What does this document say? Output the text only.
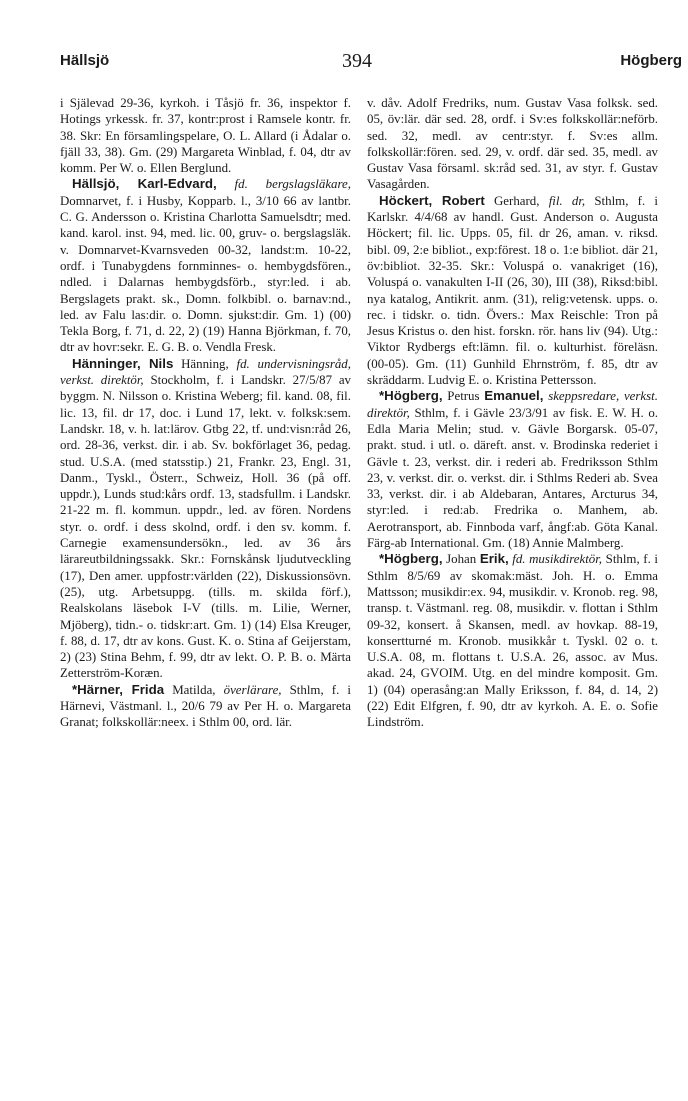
Hällsjö	394	Högberg

i Själevad 29-36, kyrkoh. i Tåsjö fr. 36, inspektor f. Hotings yrkessk. fr. 37, kontr:prost i Ramsele kontr. fr. 38. Skr: En församlingspelare, O. L. Allard (i Ådalar o. fjäll 33, 38). Gm. (29) Margareta Winblad, f. 04, dtr av komm. Per W. o. Ellen Berglund.

Hällsjö, Karl-Edvard, fd. bergslagsläkare, Domnarvet, f. i Husby, Kopparb. l., 3/10 66 av lantbr. C. G. Andersson o. Kristina Charlotta Samuelsdtr; med. kand. karol. inst. 94, med. lic. 00, gruv- o. bergslagsläk. v. Domnarvet-Kvarnsveden 00-32, landst:m. 10-22, ordf. i Tunabygdens fornminnes- o. hembygdsfören., ndled. i Dalarnas hembygdsförb., styr:led. i ab. Bergslagets prakt. sk., Domn. folkbibl. o. barnav:nd., led. av Falu las:dir. o. Domn. sjukst:dir. Gm. 1) (00) Tekla Borg, f. 71, d. 22, 2) (19) Hanna Björkman, f. 70, dtr av hovr:sekr. E. G. B. o. Vendla Fresk.

Hänninger, Nils Hänning, fd. undervisningsråd, verkst. direktör, Stockholm, f. i Landskr. 27/5/87 av byggm. N. Nilsson o. Kristina Weberg; fil. kand. 08, fil. lic. 13, fil. dr 17, doc. i Lund 17, lekt. v. folksk:sem. Landskr. 18, v. h. lat:lärov. Gtbg 22, tf. und:visn:råd 26, ord. 28-36, verkst. dir. i ab. Sv. bokförlaget 36, pedag. stud. U.S.A. (med statsstip.) 21, Frankr. 23, Engl. 31, Danm., Tyskl., Österr., Schweiz, Holl. 36 (på off. uppdr.), Lunds stud:kårs ordf. 13, stadsfullm. i Landskr. 21-22 m. fl. kommun. uppdr., led. av fören. Nordens styr. o. ordf. i dess skolnd, ordf. i den sv. komm. f. Carnegie examensundersökn., led. av 36 års lärareutbildningssakk. Skr.: Fornskånsk ljudutveckling (17), Den amer. uppfostr:världen (22), Diskussionsövn. (25), utg. Arbetsuppg. (tills. m. skilda förf.), Realskolans läsebok I-V (tills. m. Lilie, Werner, Mjöberg), tidn.- o. tidskr:art. Gm. 1) (14) Elsa Kreuger, f. 88, d. 17, dtr av kons. Gust. K. o. Stina af Geijerstam, 2) (23) Stina Behm, f. 99, dtr av lekt. O. P. B. o. Märta Zetterström-Koræn.

*Härner, Frida Matilda, överlärare, Sthlm, f. i Härnevi, Västmanl. l., 20/6 79 av Per H. o. Margareta Granat; folkskollär:neex. i Sthlm 00, ord. lär.

v. dåv. Adolf Fredriks, num. Gustav Vasa folksk. sed. 05, öv:lär. där sed. 28, ordf. i Sv:es folkskollär:neförb. sed. 32, medl. av centr:styr. f. Sv:es allm. folkskollär:fören. sed. 29, v. ordf. där sed. 35, medl. av Gustav Vasa församl. sk:råd sed. 31, av styr. f. Gustav Vasagården.

Höckert, Robert Gerhard, fil. dr, Sthlm, f. i Karlskr. 4/4/68 av handl. Gust. Anderson o. Augusta Höckert; fil. lic. Upps. 05, fil. dr 26, aman. v. riksd. bibl. 09, 2:e bibliot., exp:förest. 18 o. 1:e bibliot. där 21, öv:bibliot. 32-35. Skr.: Voluspá o. vanakriget (16), Voluspá o. vanakulten I-II (26, 30), III (38), Riksd:bibl. nya katalog, Antikrit. anm. (31), relig:vetensk. upps. o. rec. i tidskr. o. tidn. Övers.: Max Reischle: Tron på Jesus Kristus o. den hist. forskn. rör. hans liv (94). Utg.: Viktor Rydbergs eft:lämn. fil. o. kulturhist. föreläsn. (00-05). Gm. (11) Gunhild Ehrnström, f. 85, dtr av skräddarm. Ludvig E. o. Kristina Pettersson.

*Högberg, Petrus Emanuel, skeppsredare, verkst. direktör, Sthlm, f. i Gävle 23/3/91 av fisk. E. W. H. o. Edla Maria Melin; stud. v. Gävle Borgarsk. 05-07, prakt. stud. i utl. o. däreft. anst. v. Brodinska rederiet i Gävle t. 23, verkst. dir. i rederi ab. Fredriksson Sthlm 23, v. verkst. dir. o. verkst. dir. i Sthlms Rederi ab. Svea 33, verkst. dir. i ab Aldebaran, Antares, Arcturus 34, styr:led. i red:ab. Fredrika o. Manhem, ab. Aerotransport, ab. Finnboda varf, ångf:ab. Göta Kanal. Färg-ab International. Gm. (18) Annie Malmberg.

*Högberg, Johan Erik, fd. musikdirektör, Sthlm, f. i Sthlm 8/5/69 av skomak:mäst. Joh. H. o. Emma Mattsson; musikdir:ex. 94, musikdir. v. Kronob. reg. 98, transp. t. Västmanl. reg. 08, musikdir. v. flottan i Sthlm 09-32, konsert. å Skansen, medl. av hovkap. 88-19, konsertturné m. Kronob. musikkår t. Tyskl. 02 o. t. U.S.A. 08, m. flottans t. U.S.A. 26, assoc. av Mus. akad. 24, GVOIM. Utg. en del mindre komposit. Gm. 1) (04) operasång:an Mally Eriksson, f. 84, d. 14, 2) (22) Edit Elfgren, f. 90, dtr av kyrkoh. A. E. o. Sofie Lindström.
